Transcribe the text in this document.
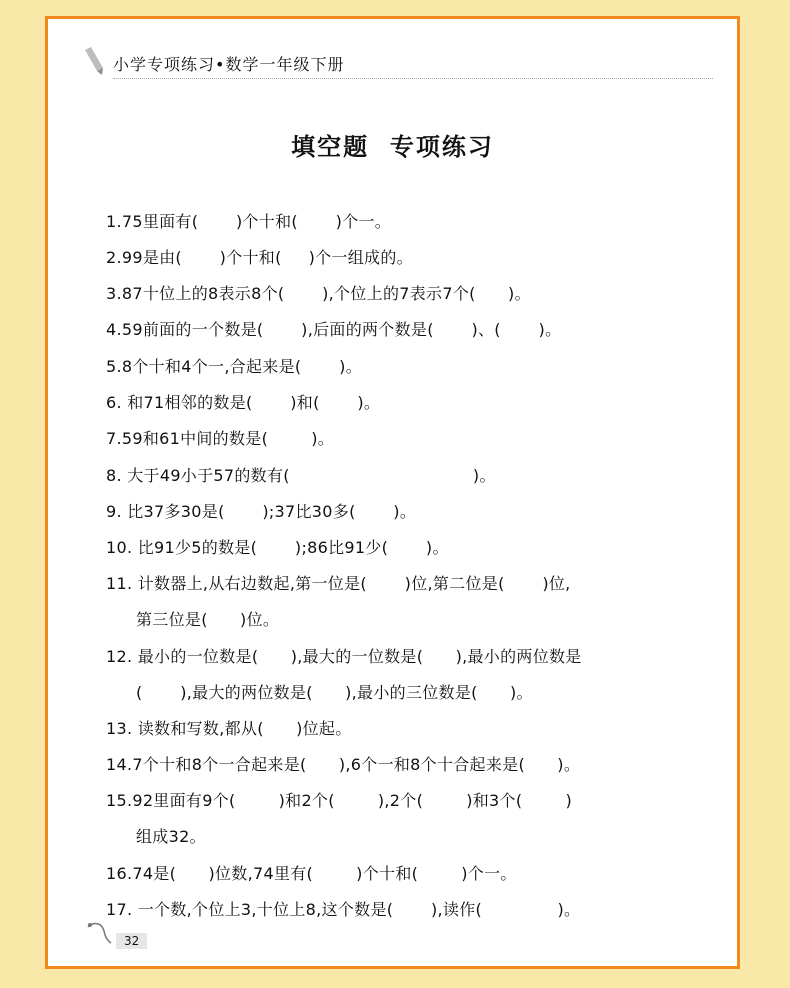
小学专项练习•数学一年级下册
填空题  专项练习
1.75里面有(       )个十和(       )个一。
2.99是由(       )个十和(     )个一组成的。
3.87十位上的8表示8个(       ),个位上的7表示7个(      )。
4.59前面的一个数是(       ),后面的两个数是(       )、(       )。
5.8个十和4个一,合起来是(       )。
6. 和71相邻的数是(       )和(       )。
7.59和61中间的数是(        )。
8. 大于49小于57的数有(                                  )。
9. 比37多30是(       );37比30多(       )。
10. 比91少5的数是(       );86比91少(       )。
11. 计数器上,从右边数起,第一位是(       )位,第二位是(       )位,
第三位是(      )位。
12. 最小的一位数是(      ),最大的一位数是(      ),最小的两位数是
(       ),最大的两位数是(      ),最小的三位数是(      )。
13. 读数和写数,都从(      )位起。
14.7个十和8个一合起来是(      ),6个一和8个十合起来是(      )。
15.92里面有9个(        )和2个(        ),2个(        )和3个(        )
组成32。
16.74是(      )位数,74里有(        )个十和(        )个一。
17. 一个数,个位上3,十位上8,这个数是(       ),读作(              )。
32
